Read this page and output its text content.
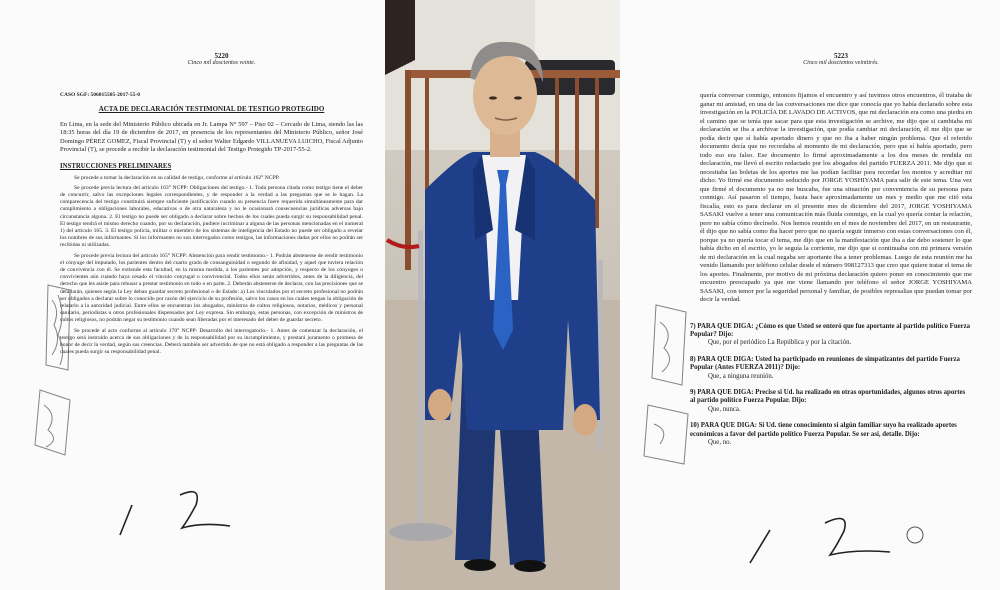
5220
Cinco mil doscientos veinte.
CASO SGF: 506015505-2017-55-0
ACTA DE DECLARACIÓN TESTIMONIAL DE TESTIGO PROTEGIDO
En Lima, en la sede del Ministerio Público ubicada en Jr. Lampa N° 597 – Piso 02 – Cercado de Lima, siendo las las 18:35 horas del día 19 de diciembre de 2017, en presencia de los representantes del Ministerio Público, señor José Domingo PÉREZ GOMEZ, Fiscal Provincial (T) y el señor Walter Edgardo VILLANUEVA LUICHO, Fiscal Adjunto Provincial (T), se procede a recibir la declaración testimonial del Testigo Protegido TP-2017-55-2.
INSTRUCCIONES PRELIMINARES
Se procede a tomar la declaración en su calidad de testigo, conforme al artículo 162° NCPP.
Se procede previa lectura del artículo 163° NCPP: Obligaciones del testigo.- 1. Toda persona citada como testigo tiene el deber de concurrir, salvo las excepciones legales correspondientes, y de responder a la verdad a las preguntas que se le hagan. La comparecencia del testigo constituirá siempre suficiente justificación cuando su presencia fuere requerida simultáneamente para dar cumplimiento a obligaciones laborales, educativas o de otra naturaleza y no le ocasionará consecuencias jurídicas adversas bajo circunstancia alguna. 2. El testigo no puede ser obligado a declarar sobre hechos de los cuales pueda surgir su responsabilidad penal. El testigo tendrá el mismo derecho cuando, por su declaración, pudiere incriminar a alguna de las personas mencionadas en el numeral 1) del artículo 165. 3. El testigo policía, militar o miembro de los sistemas de inteligencia del Estado no puede ser obligado a revelar los nombres de sus informantes. Si los informantes no son interrogados como testigos, las informaciones dadas por ellos no podrán ser recibidas ni utilizadas.
Se procede previa lectura del artículo 165° NCPP: Abstención para rendir testimonio.- 1. Podrán abstenerse de rendir testimonio el cónyuge del imputado, los parientes dentro del cuarto grado de consanguinidad o segundo de afinidad, y aquel que tuviera relación de convivencia con él. Se extiende esta facultad, en la misma medida, a los parientes por adopción, y respecto de los cónyuges o convivientes aún cuando haya cesado el vínculo conyugal o convivencial. Todos ellos serán advertidos, antes de la diligencia, del derecho que les asiste para rehusar a prestar testimonio en todo o en parte. 2. Deberán abstenerse de declarar, con las precisiones que se detallarán, quienes según la Ley deban guardar secreto profesional o de Estado: a) Los vinculados por el secreto profesional no podrán ser obligados a declarar sobre lo conocido por razón del ejercicio de su profesión, salvo los casos en los cuales tengan la obligación de relatarlo a la autoridad judicial. Entre ellos se encuentran los abogados, ministros de cultos religiosos, notarios, médicos y personal sanitario, periodistas u otros profesionales dispensados por Ley expresa. Sin embargo, estas personas, con excepción de ministros de cultos religiosos, no podrán negar su testimonio cuando sean liberadas por el interesado del deber de guardar secreto.
Se procede al acto conforme al artículo 170° NCPP: Desarrollo del interrogatorio.- 1. Antes de comenzar la declaración, el testigo será instruido acerca de sus obligaciones y de la responsabilidad por su incumplimiento, y prestará juramento o promesa de honor de decir la verdad, según sus creencias. Deberá también ser advertido de que no está obligado a responder a las preguntas de las cuales pueda surgir su responsabilidad penal.
5223
Cinco mil doscientos veintitrés.
quería conversar conmigo, entonces fijamos el encuentro y así tuvimos otros encuentros, él trataba de ganar mi amistad, en una de las conversaciones me dice que conocía que yo había declarado sobre esta investigación en la POLICÍA DE LAVADO DE ACTIVOS, que mi declaración era como una piedra en el camino que se tenía que sacar para que esta investigación se archive, me dijo que si cambiaba mi declaración se iba a archivar la investigación, que podía cambiar mi declaración, él me dijo que se podía decir que sí había aportado dinero y que no iba a haber ningún problema. Que el referido documento decía que no recordaba al momento de mi declaración, pero que sí había aportado, pero todo eso era falso. Ese documento lo firmé aproximadamente a los dos meses de rendida mi declaración, me llevó el escrito redactado por los abogados del partido FUERZA 2011. Me dijo que si necesitaba las boletas de los aportes me las podían facilitar para recordar los montos y acreditar mi dicho. Yo firmé ese documento seducido por JORGE YOSHIYAMA para salir de este tema. Una vez que firmé el documento ya no me buscaba, fue una situación por conveniencia de su persona para conmigo. Así pasaron el tiempo, hasta hace aproximadamente un mes y medio que me citó esta fiscalía, esto es para declarar en el presente mes de diciembre del 2017, JORGE YOSHIYAMA SASAKI vuelve a tener una comunicación más fluida conmigo, en la cual yo quería contar la relación, pero no sabía cómo decírselo. Nos hemos reunido en el mes de noviembre del 2017, en un restaurante, él dijo que no sabía como iba hacer pero que no quería seguir inmerso con estas conversaciones con él, porque ya no quería tocar el tema, me dijo que en la manifestación que iba a dar debo sostener lo que había dicho en el escrito, yo le seguía la corriente, me dijo que si continuaba con mi primera versión de mi declaración en la cual negaba ser aportante iba a tener problemas. Luego de esta reunión me ha venido llamando por teléfono celular desde el número 998127313 que creo que quiere tratar el tema de los aportes. Finalmente, por motivo de mi próxima declaración quiero poner en conocimiento que me encuentro preocupado ya que me viene llamando por teléfono el señor JORGE YOSHIYAMA SASAKI, con temor por la seguridad personal y familiar, de posibles represalias que puedan tomar por decir la verdad.
7) PARA QUE DIGA: ¿Cómo es que Usted se enteró que fue aportante al partido político Fuerza Popular? Dijo:
Que, por el periódico La República y por la citación.
8) PARA QUE DIGA: Usted ha participado en reuniones de simpatizantes del partido Fuerza Popular (Antes FUERZA 2011)? Dijo:
Que, a ninguna reunión.
9) PARA QUE DIGA: Precise si Ud. ha realizado en otras oportunidades, algunos otros aportes al partido político Fuerza Popular. Dijo:
Que, nunca.
10) PARA QUE DIGA: Si Ud. tiene conocimiento si algún familiar suyo ha realizado aportes económicos a favor del partido político Fuerza Popular. Se ser así, detalle. Dijo:
Que, no.
